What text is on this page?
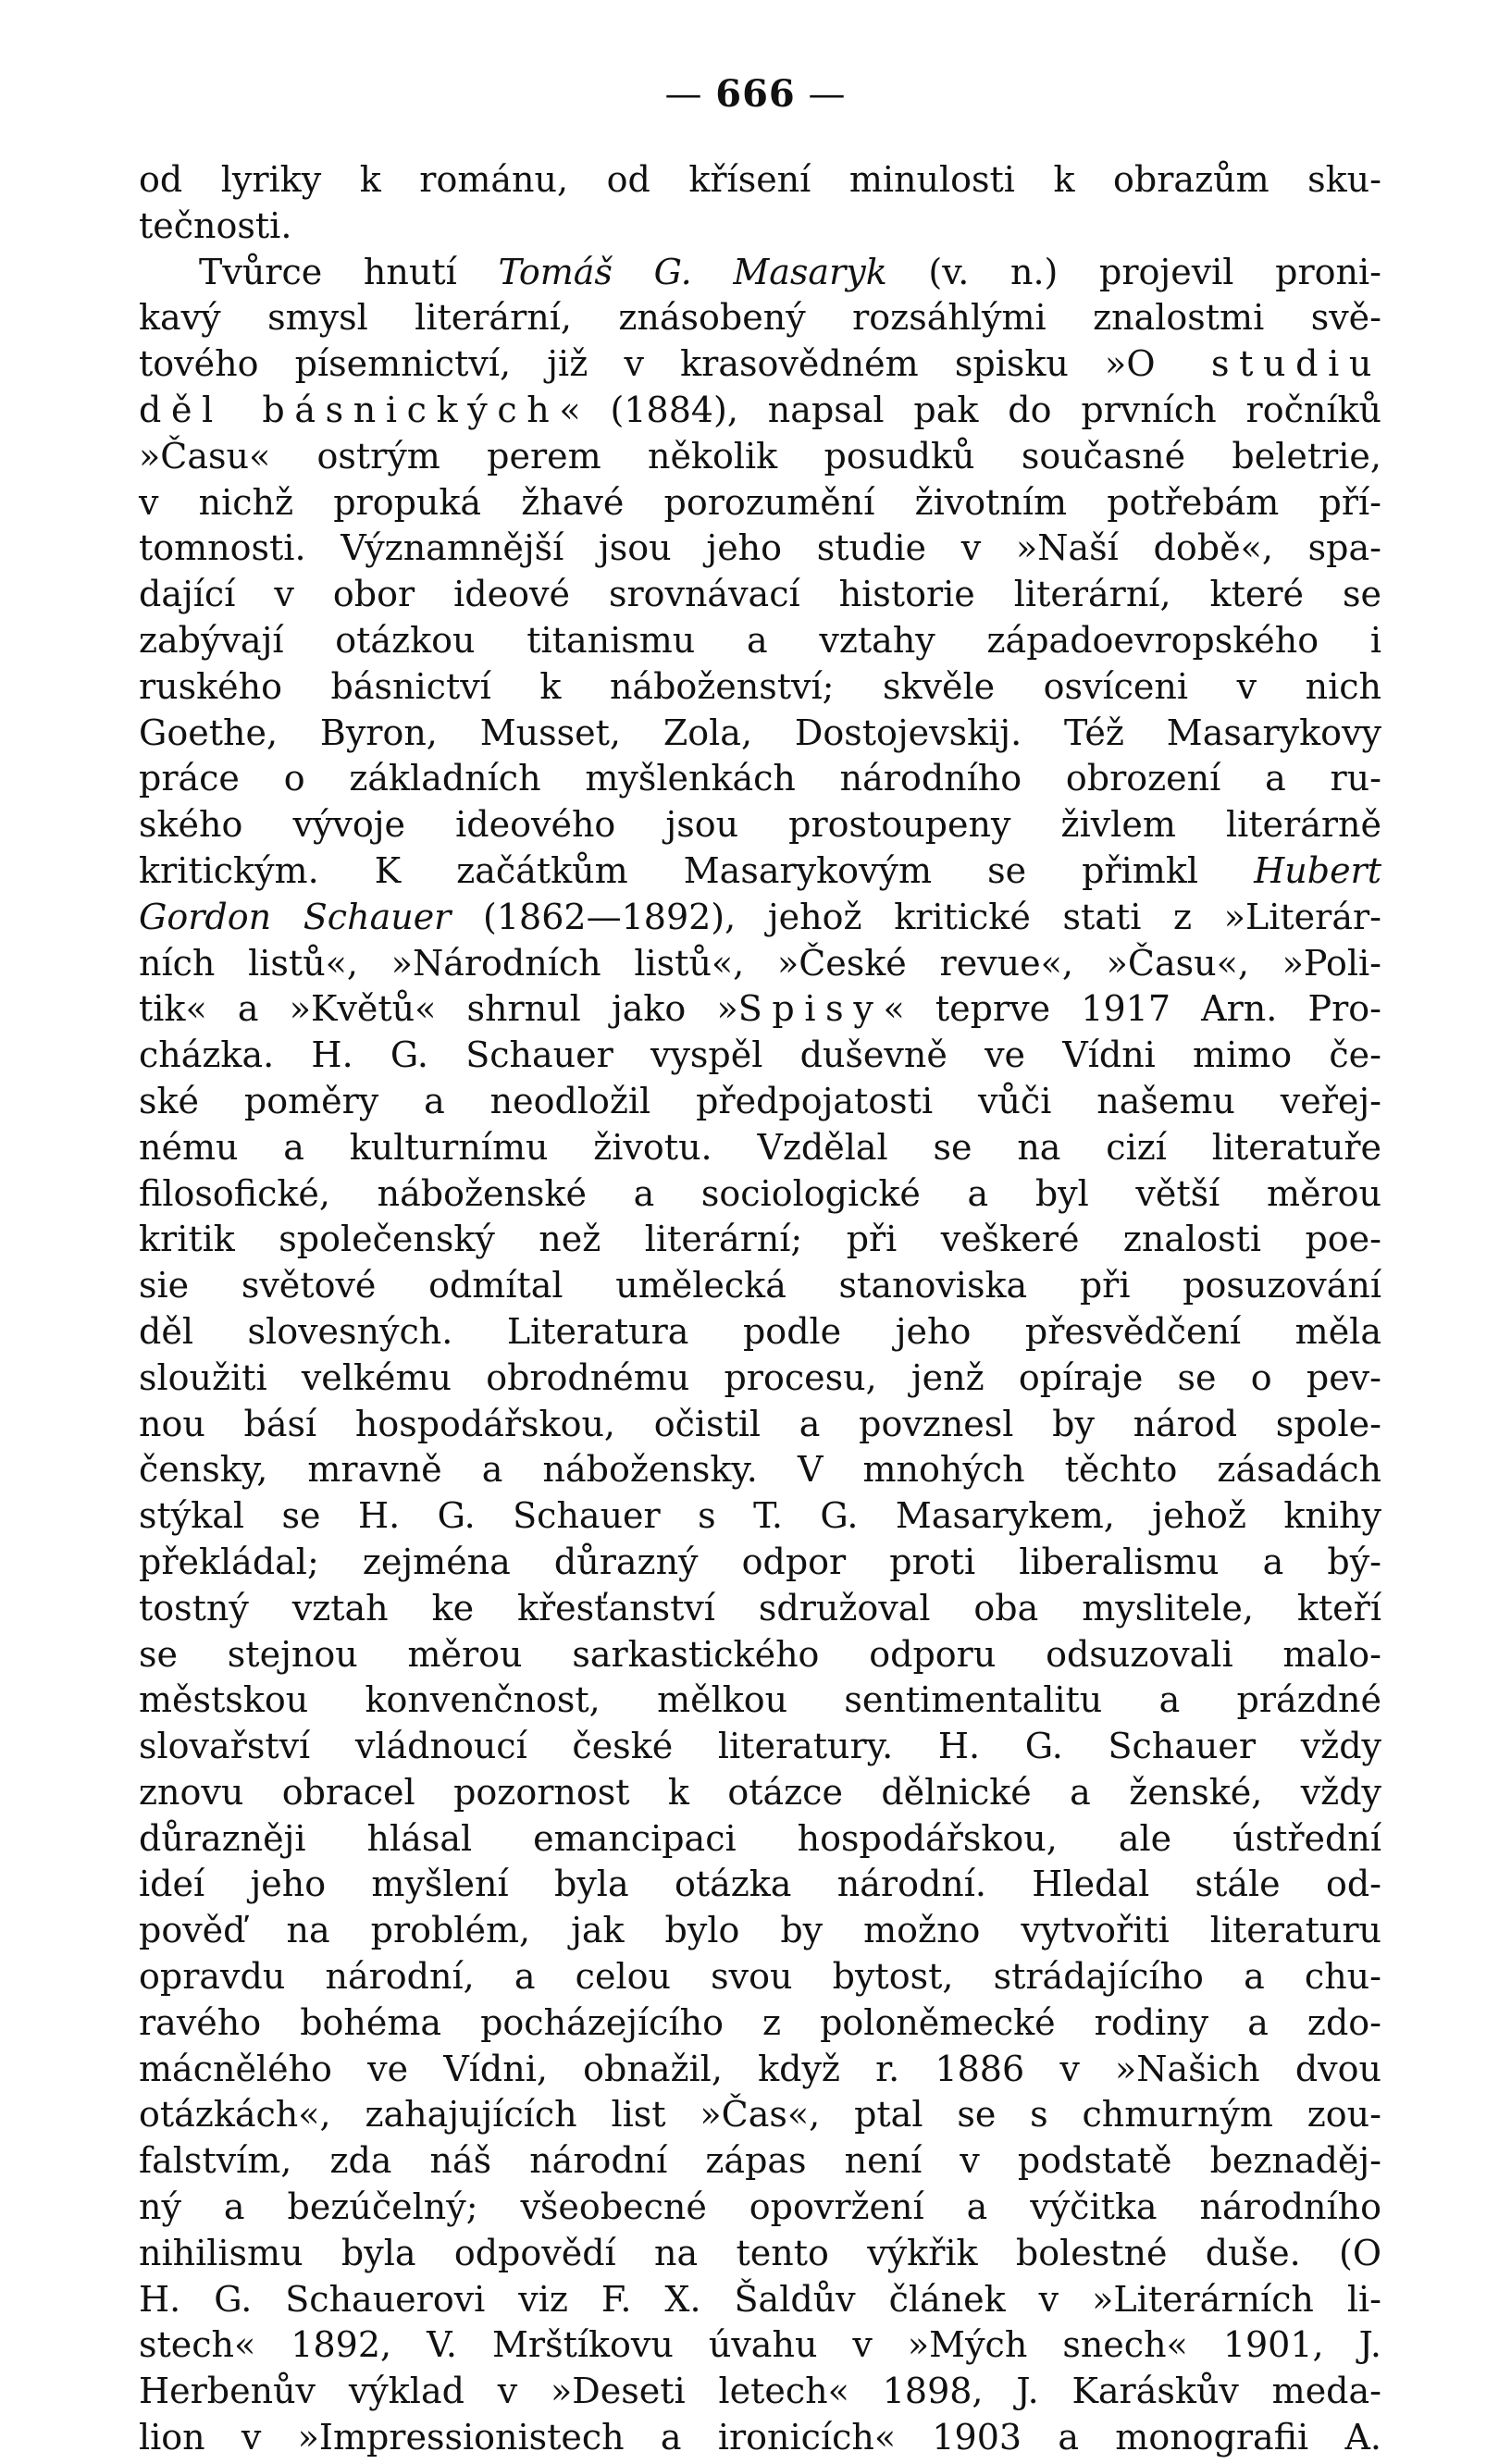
— 666 —
od lyriky k románu, od křísení minulosti k obrazům sku-
tečnosti.
Tvůrce hnutí Tomáš G. Masaryk (v. n.) projevil proni-
kavý smysl literární, znásobený rozsáhlými znalostmi svě-
tového písemnictví, již v krasovědném spisku »O studiu
děl básnických« (1884), napsal pak do prvních ročníků
»Času« ostrým perem několik posudků současné beletrie,
v nichž propuká žhavé porozumění životním potřebám pří-
tomnosti. Významnější jsou jeho studie v »Naší době«, spa-
dající v obor ideové srovnávací historie literární, které se
zabývají otázkou titanismu a vztahy západoevropského i
ruského básnictví k náboženství; skvěle osvíceni v nich
Goethe, Byron, Musset, Zola, Dostojevskij. Též Masarykovy
práce o základních myšlenkách národního obrození a ru-
ského vývoje ideového jsou prostoupeny živlem literárně
kritickým. K začátkům Masarykovým se přimkl Hubert
Gordon Schauer (1862—1892), jehož kritické stati z »Literár-
ních listů«, »Národních listů«, »České revue«, »Času«, »Poli-
tik« a »Květů« shrnul jako »Spisy« teprve 1917 Arn. Pro-
cházka. H. G. Schauer vyspěl duševně ve Vídni mimo če-
ské poměry a neodložil předpojatosti vůči našemu veřej-
nému a kulturnímu životu. Vzdělal se na cizí literatuře
filosofické, náboženské a sociologické a byl větší měrou
kritik společenský než literární; při veškeré znalosti poe-
sie světové odmítal umělecká stanoviska při posuzování
děl slovesných. Literatura podle jeho přesvědčení měla
sloužiti velkému obrodnému procesu, jenž opíraje se o pev-
nou básí hospodářskou, očistil a povznesl by národ spole-
čensky, mravně a nábožensky. V mnohých těchto zásadách
stýkal se H. G. Schauer s T. G. Masarykem, jehož knihy
překládal; zejména důrazný odpor proti liberalismu a bý-
tostný vztah ke křesťanství sdružoval oba myslitele, kteří
se stejnou měrou sarkastického odporu odsuzovali malo-
městskou konvenčnost, mělkou sentimentalitu a prázdné
slovařství vládnoucí české literatury. H. G. Schauer vždy
znovu obracel pozornost k otázce dělnické a ženské, vždy
důrazněji hlásal emancipaci hospodářskou, ale ústřední
ideí jeho myšlení byla otázka národní. Hledal stále od-
pověď na problém, jak bylo by možno vytvořiti literaturu
opravdu národní, a celou svou bytost, strádajícího a chu-
ravého bohéma pocházejícího z poloněmecké rodiny a zdo-
mácnělého ve Vídni, obnažil, když r. 1886 v »Našich dvou
otázkách«, zahajujících list »Čas«, ptal se s chmurným zou-
falstvím, zda náš národní zápas není v podstatě beznaděj-
ný a bezúčelný; všeobecné opovržení a výčitka národního
nihilismu byla odpovědí na tento výkřik bolestné duše. (O
H. G. Schauerovi viz F. X. Šaldův článek v »Literárních li-
stech« 1892, V. Mrštíkovu úvahu v »Mých snech« 1901, J.
Herbenův výklad v »Deseti letech« 1898, J. Karáskův meda-
lion v »Impressionistech a ironicích« 1903 a monografii A.
